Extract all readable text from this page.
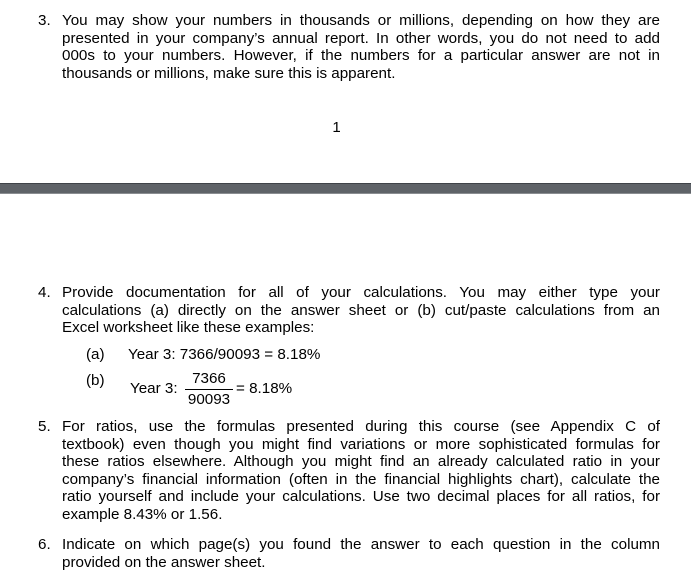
3. You may show your numbers in thousands or millions, depending on how they are
presented in your company’s annual report. In other words, you do not need to add
000s to your numbers. However, if the numbers for a particular answer are not in
thousands or millions, make sure this is apparent.
1
4. Provide documentation for all of your calculations. You may either type your
calculations (a) directly on the answer sheet or (b) cut/paste calculations from an
Excel worksheet like these examples:
(a) Year 3: 7366/90093 = 8.18%
(b) Year 3:
7366
90093
= 8.18%
5. For ratios, use the formulas presented during this course (see Appendix C of
textbook) even though you might find variations or more sophisticated formulas for
these ratios elsewhere. Although you might find an already calculated ratio in your
company’s financial information (often in the financial highlights chart), calculate the
ratio yourself and include your calculations. Use two decimal places for all ratios, for
example 8.43% or 1.56.
6. Indicate on which page(s) you found the answer to each question in the column
provided on the answer sheet.
